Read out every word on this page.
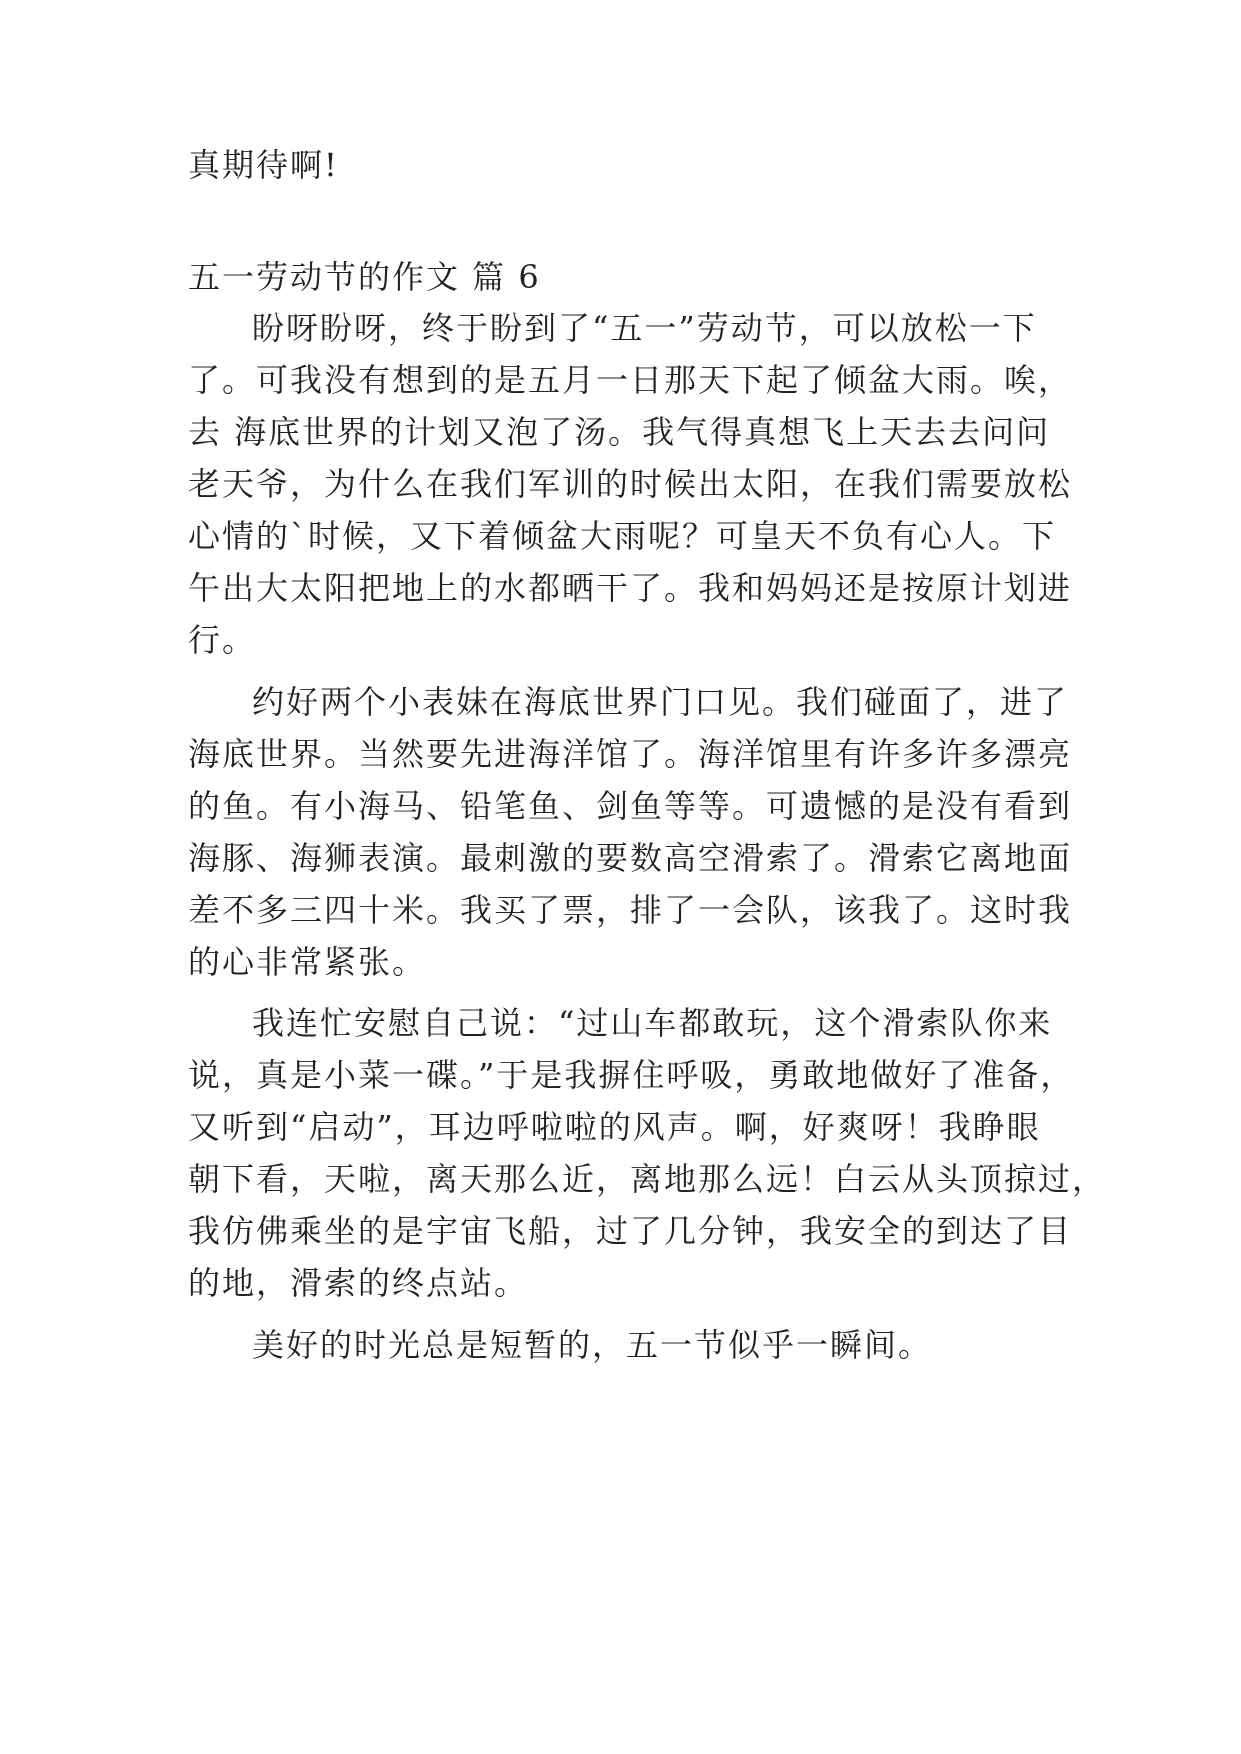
真期待啊!
五一劳动节的作文 篇 6
盼呀盼呀，终于盼到了“五一”劳动节，可以放松一下
了。可我没有想到的是五月一日那天下起了倾盆大雨。唉，
去 海底世界的计划又泡了汤。我气得真想飞上天去去问问
老天爷，为什么在我们军训的时候出太阳，在我们需要放松
心情的`时候，又下着倾盆大雨呢？可皇天不负有心人。下
午出大太阳把地上的水都晒干了。我和妈妈还是按原计划进
行。
约好两个小表妹在海底世界门口见。我们碰面了，进了
海底世界。当然要先进海洋馆了。海洋馆里有许多许多漂亮
的鱼。有小海马、铅笔鱼、剑鱼等等。可遗憾的是没有看到
海豚、海狮表演。最刺激的要数高空滑索了。滑索它离地面
差不多三四十米。我买了票，排了一会队，该我了。这时我
的心非常紧张。
我连忙安慰自己说：“过山车都敢玩，这个滑索队你来
说，真是小菜一碟。”于是我摒住呼吸，勇敢地做好了准备，
又听到“启动”，耳边呼啦啦的风声。啊，好爽呀！我睁眼
朝下看，天啦，离天那么近，离地那么远！白云从头顶掠过，
我仿佛乘坐的是宇宙飞船，过了几分钟，我安全的到达了目
的地，滑索的终点站。
美好的时光总是短暂的，五一节似乎一瞬间。
